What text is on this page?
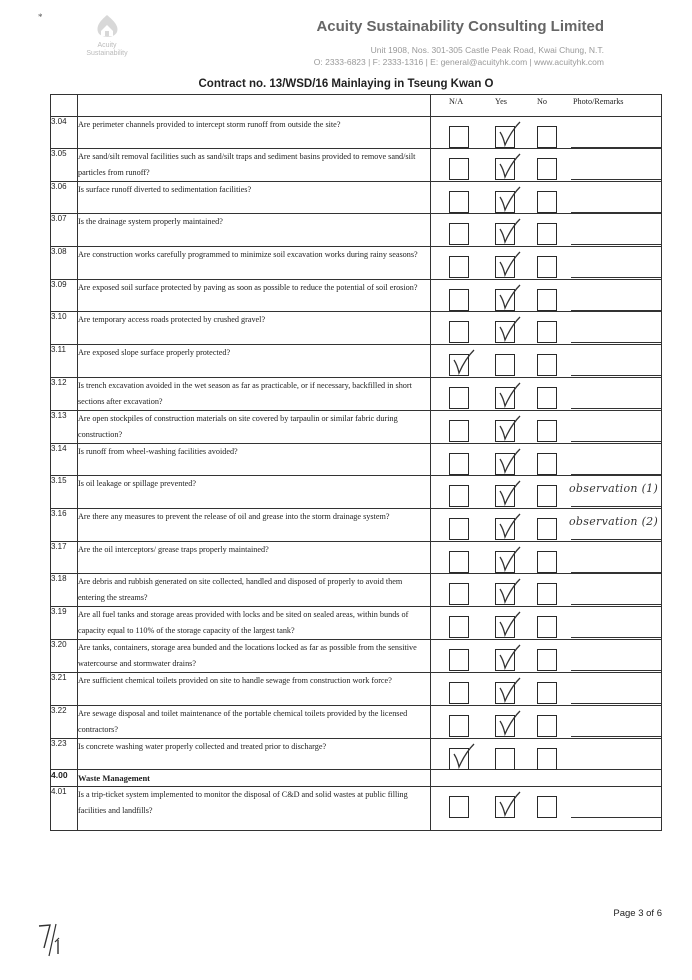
*
Acuity
Sustainability
Acuity Sustainability Consulting Limited
Unit 1908, Nos. 301-305 Castle Peak Road, Kwai Chung, N.T.
O: 2333-6823 | F: 2333-1316 | E: general@acuityhk.com | www.acuityhk.com
Contract no. 13/WSD/16 Mainlaying in Tseung Kwan O

		N/A Yes No Photo/Remarks

3.04	Are perimeter channels provided to intercept storm runoff from outside the site?	

3.05	Are sand/silt removal facilities such as sand/silt traps and sediment basins provided to remove sand/silt particles from runoff?	

3.06	Is surface runoff diverted to sedimentation facilities?	

3.07	Is the drainage system properly maintained?	

3.08	Are construction works carefully programmed to minimize soil excavation works during rainy seasons?	

3.09	Are exposed soil surface protected by paving as soon as possible to reduce the potential of soil erosion?	

3.10	Are temporary access roads protected by crushed gravel?	

3.11	Are exposed slope surface properly protected?	

3.12	Is trench excavation avoided in the wet season as far as practicable, or if necessary, backfilled in short sections after excavation?	

3.13	Are open stockpiles of construction materials on site covered by tarpaulin or similar fabric during construction?	

3.14	Is runoff from wheel-washing facilities avoided?	

3.15	Is oil leakage or spillage prevented?	observation (1)

3.16	Are there any measures to prevent the release of oil and grease into the storm drainage system?	observation (2)

3.17	Are the oil interceptors/ grease traps properly maintained?	

3.18	Are debris and rubbish generated on site collected, handled and disposed of properly to avoid them entering the streams?	

3.19	Are all fuel tanks and storage areas provided with locks and be sited on sealed areas, within bunds of capacity equal to 110% of the storage capacity of the largest tank?	

3.20	Are tanks, containers, storage area bunded and the locations locked as far as possible from the sensitive watercourse and stormwater drains?	

3.21	Are sufficient chemical toilets provided on site to handle sewage from construction work force?	

3.22	Are sewage disposal and toilet maintenance of the portable chemical toilets provided by the licensed contractors?	

3.23	Is concrete washing water properly collected and treated prior to discharge?	

4.00	Waste Management	
4.01	Is a trip-ticket system implemented to monitor the disposal of C&D and solid wastes at public filling facilities and landfills?	
Page 3 of 6
